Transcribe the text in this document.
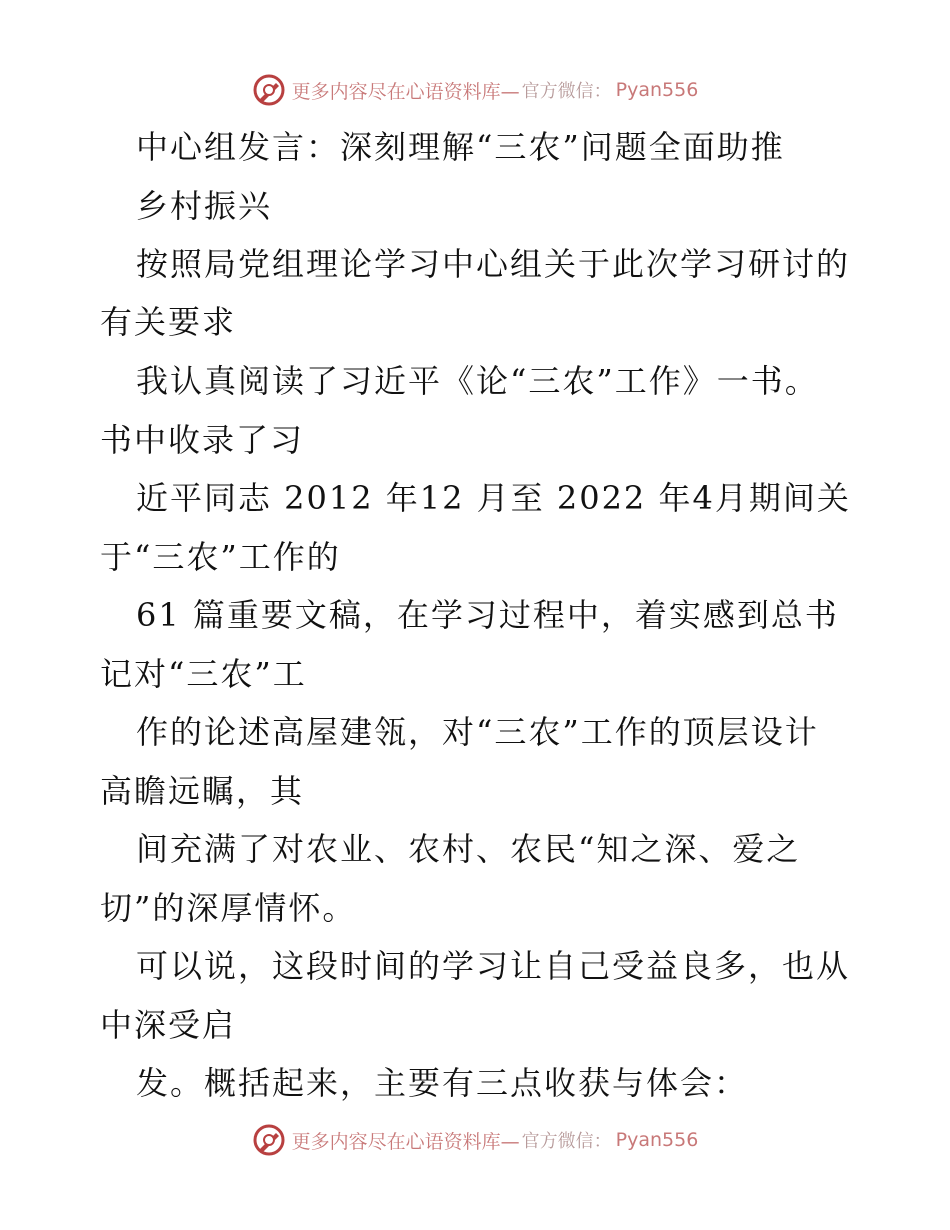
更多内容尽在心语资料库— 官方微信： Pyan556
中心组发言：深刻理解“三农”问题全面助推
乡村振兴
按照局党组理论学习中心组关于此次学习研讨的
有关要求
我认真阅读了习近平《论“三农”工作》一书。
书中收录了习
近平同志 2012 年12 月至 2022 年4月期间关
于“三农”工作的
61 篇重要文稿，在学习过程中，着实感到总书
记对“三农”工
作的论述高屋建瓴，对“三农”工作的顶层设计
高瞻远瞩，其
间充满了对农业、农村、农民“知之深、爱之
切”的深厚情怀。
可以说，这段时间的学习让自己受益良多，也从
中深受启
发。概括起来，主要有三点收获与体会：
更多内容尽在心语资料库— 官方微信： Pyan556
